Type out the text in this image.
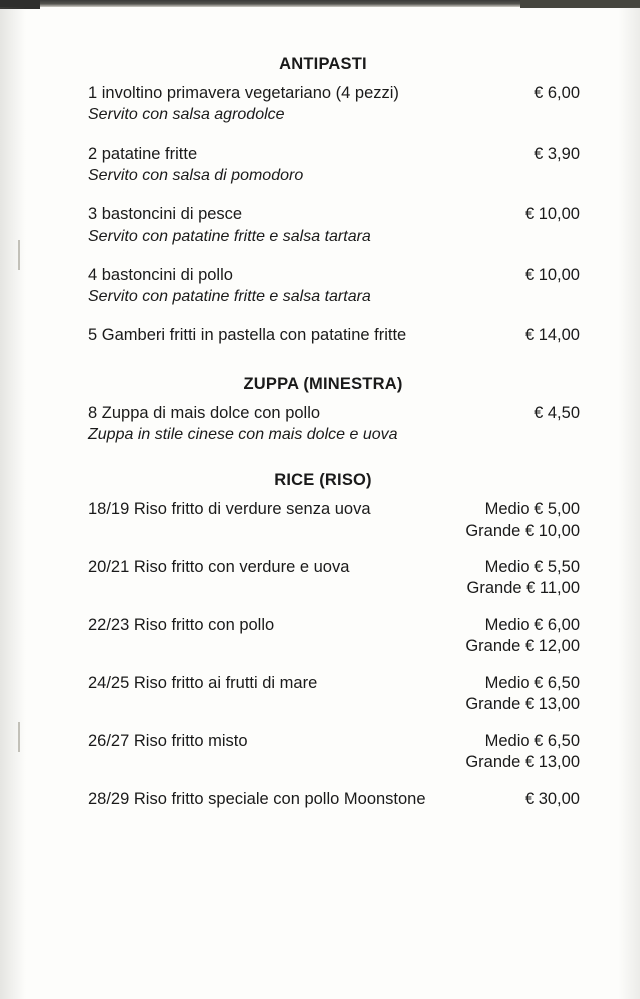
ANTIPASTI
1 involtino primavera vegetariano (4 pezzi)
Servito con salsa agrodolce
€ 6,00
2 patatine fritte
Servito con salsa di pomodoro
€ 3,90
3 bastoncini di pesce
Servito con patatine fritte e salsa tartara
€ 10,00
4 bastoncini di pollo
Servito con patatine fritte e salsa tartara
€ 10,00
5 Gamberi fritti in pastella con patatine fritte	€ 14,00
ZUPPA (MINESTRA)
8 Zuppa di mais dolce con pollo
Zuppa in stile cinese con mais dolce e uova
€ 4,50
RICE (RISO)
18/19 Riso fritto di verdure senza uova	Medio € 5,00
Grande € 10,00
20/21 Riso fritto con verdure e uova	Medio € 5,50
Grande € 11,00
22/23 Riso fritto con pollo	Medio € 6,00
Grande € 12,00
24/25 Riso fritto ai frutti di mare	Medio € 6,50
Grande € 13,00
26/27 Riso fritto misto	Medio € 6,50
Grande € 13,00
28/29 Riso fritto speciale con pollo Moonstone	€ 30,00
